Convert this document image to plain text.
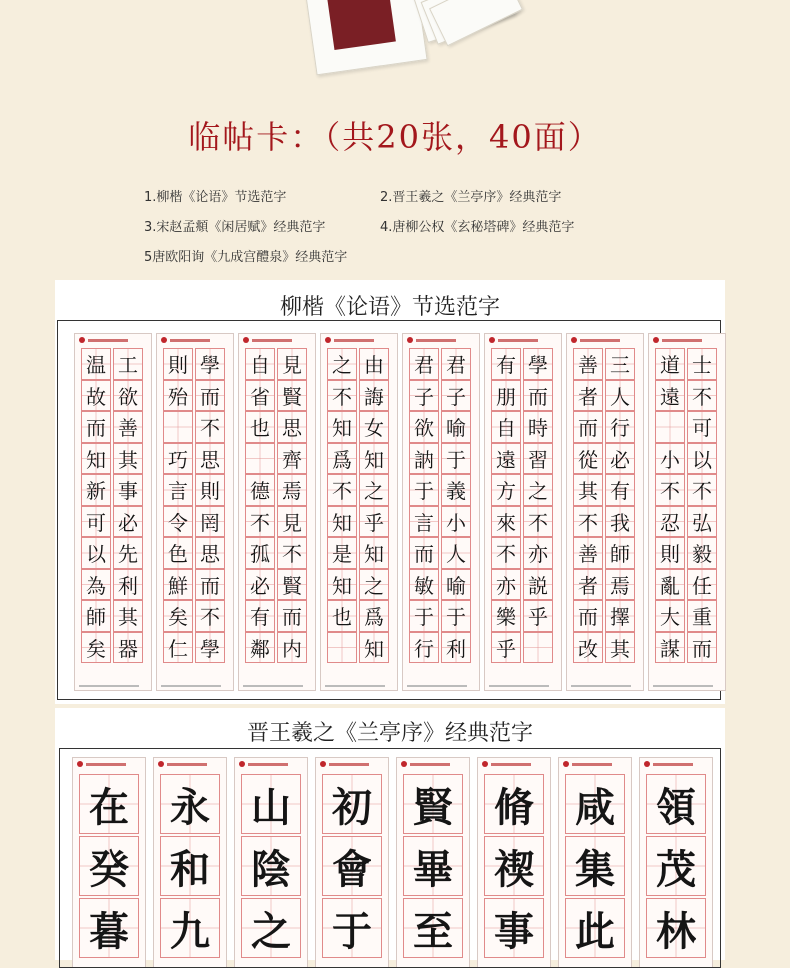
临帖卡：（共20张，40面）
1.柳楷《论语》节选范字	2.晋王羲之《兰亭序》经典范字
3.宋赵孟頫《闲居赋》经典范字	4.唐柳公权《玄秘塔碑》经典范字
5唐欧阳询《九成宫醴泉》经典范字
柳楷《论语》节选范字
温
故
而
知
新
可
以
為
師
矣
工
欲
善
其
事
必
先
利
其
器
則
殆
巧
言
令
色
鮮
矣
仁
學
而
不
思
則
罔
思
而
不
學
自
省
也
德
不
孤
必
有
鄰
見
賢
思
齊
焉
見
不
賢
而
内
之
不
知
爲
不
知
是
知
也
由
誨
女
知
之
乎
知
之
爲
知
君
子
欲
訥
于
言
而
敏
于
行
君
子
喻
于
義
小
人
喻
于
利
有
朋
自
遠
方
來
不
亦
樂
乎
學
而
時
習
之
不
亦
説
乎
善
者
而
從
其
不
善
者
而
改
三
人
行
必
有
我
師
焉
擇
其
道
遠
小
不
忍
則
亂
大
謀
士
不
可
以
不
弘
毅
任
重
而
晋王羲之《兰亭序》经典范字
在
癸
暮
永
和
九
山
陰
之
初
會
于
賢
畢
至
脩
禊
事
咸
集
此
領
茂
林
